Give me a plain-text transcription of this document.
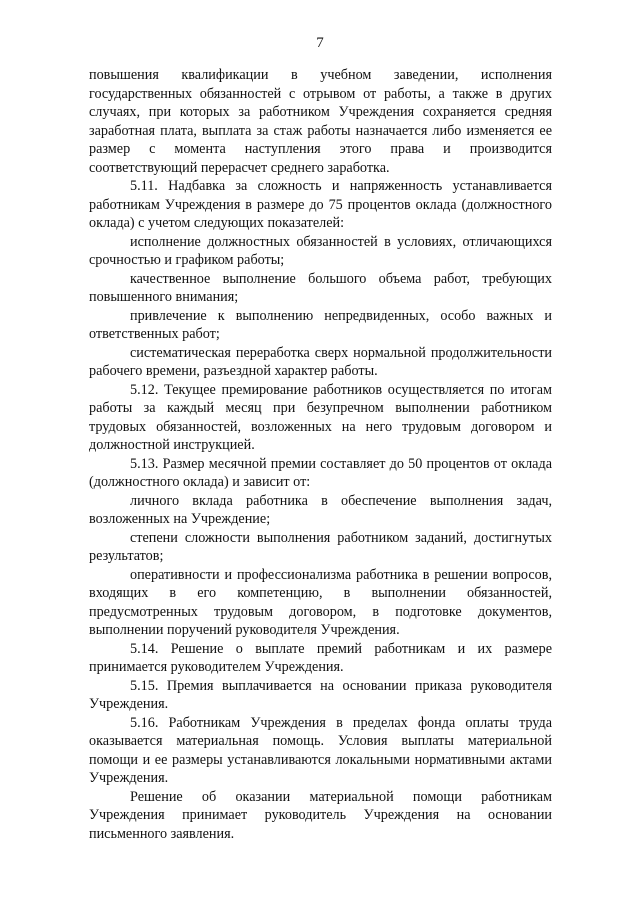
7

повышения квалификации в учебном заведении, исполнения государственных обязанностей с отрывом от работы, а также в других случаях, при которых за работником Учреждения сохраняется средняя заработная плата, выплата за стаж работы назначается либо изменяется ее размер с момента наступления этого права и производится соответствующий перерасчет среднего заработка.

5.11. Надбавка за сложность и напряженность устанавливается работникам Учреждения в размере до 75 процентов оклада (должностного оклада) с учетом следующих показателей:

исполнение должностных обязанностей в условиях, отличающихся срочностью и графиком работы;

качественное выполнение большого объема работ, требующих повышенного внимания;

привлечение к выполнению непредвиденных, особо важных и ответственных работ;

систематическая переработка сверх нормальной продолжительности рабочего времени, разъездной характер работы.

5.12. Текущее премирование работников осуществляется по итогам работы за каждый месяц при безупречном выполнении работником трудовых обязанностей, возложенных на него трудовым договором и должностной инструкцией.

5.13. Размер месячной премии составляет до 50 процентов от оклада (должностного оклада) и зависит от:

личного вклада работника в обеспечение выполнения задач, возложенных на Учреждение;

степени сложности выполнения работником заданий, достигнутых результатов;

оперативности и профессионализма работника в решении вопросов, входящих в его компетенцию, в выполнении обязанностей, предусмотренных трудовым договором, в подготовке документов, выполнении поручений руководителя Учреждения.

5.14. Решение о выплате премий работникам и их размере принимается руководителем Учреждения.

5.15. Премия выплачивается на основании приказа руководителя Учреждения.

5.16. Работникам Учреждения в пределах фонда оплаты труда оказывается материальная помощь. Условия выплаты материальной помощи и ее размеры устанавливаются локальными нормативными актами Учреждения.

Решение об оказании материальной помощи работникам Учреждения принимает руководитель Учреждения на основании письменного заявления.
